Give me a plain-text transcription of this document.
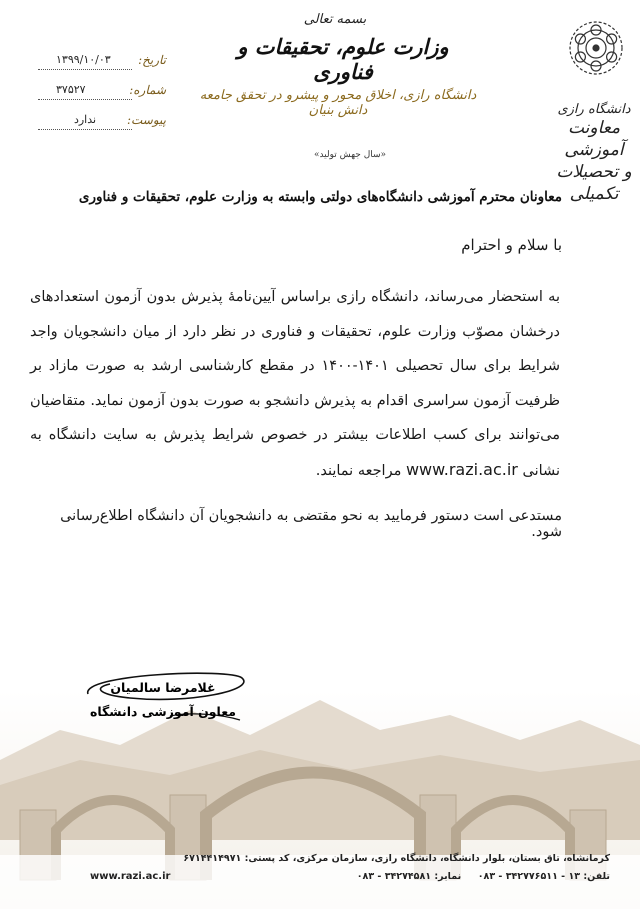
دانشگاه رازی
معاونت آموزشی
و تحصیلات تکمیلی
بسمه تعالی
وزارت علوم، تحقیقات و فناوری
دانشگاه رازی، اخلاق محور و پیشرو در تحقق جامعه دانش بنیان
تاریخ:
۱۳۹۹/۱۰/۰۳
شماره:
۳۷۵۲۷
پیوست:
ندارد
«سال جهش تولید»
معاونان محترم آموزشی دانشگاه‌های دولتی وابسته به وزارت علوم، تحقیقات و فناوری
با سلام و احترام
به استحضار می‌رساند، دانشگاه رازی براساس آیین‌نامهٔ پذیرش بدون آزمون استعدادهای درخشان مصوّب وزارت علوم، تحقیقات و فناوری در نظر دارد از میان دانشجویان واجد شرایط برای سال تحصیلی ۱۴۰۱-۱۴۰۰ در مقطع کارشناسی ارشد به صورت مازاد بر ظرفیت آزمون سراسری اقدام به پذیرش دانشجو به صورت بدون آزمون نماید. متقاضیان می‌توانند برای کسب اطلاعات بیشتر در خصوص شرایط پذیرش به سایت دانشگاه به نشانی www.razi.ac.ir مراجعه نمایند.
مستدعی است دستور فرمایید به نحو مقتضی به دانشجویان آن دانشگاه اطلاع‌رسانی شود.
غلامرضا سالمیان
معاون آموزشی دانشگاه
کرمانشاه، تاق بستان، بلوار دانشگاه، دانشگاه رازی، سازمان مرکزی، کد پستی: ۶۷۱۴۴۱۴۹۷۱
تلفن: ۱۳ - ۳۴۲۷۷۶۵۱۱ - ۰۸۳     نمابر: ۳۴۲۷۴۵۸۱ - ۰۸۳
www.razi.ac.ir
